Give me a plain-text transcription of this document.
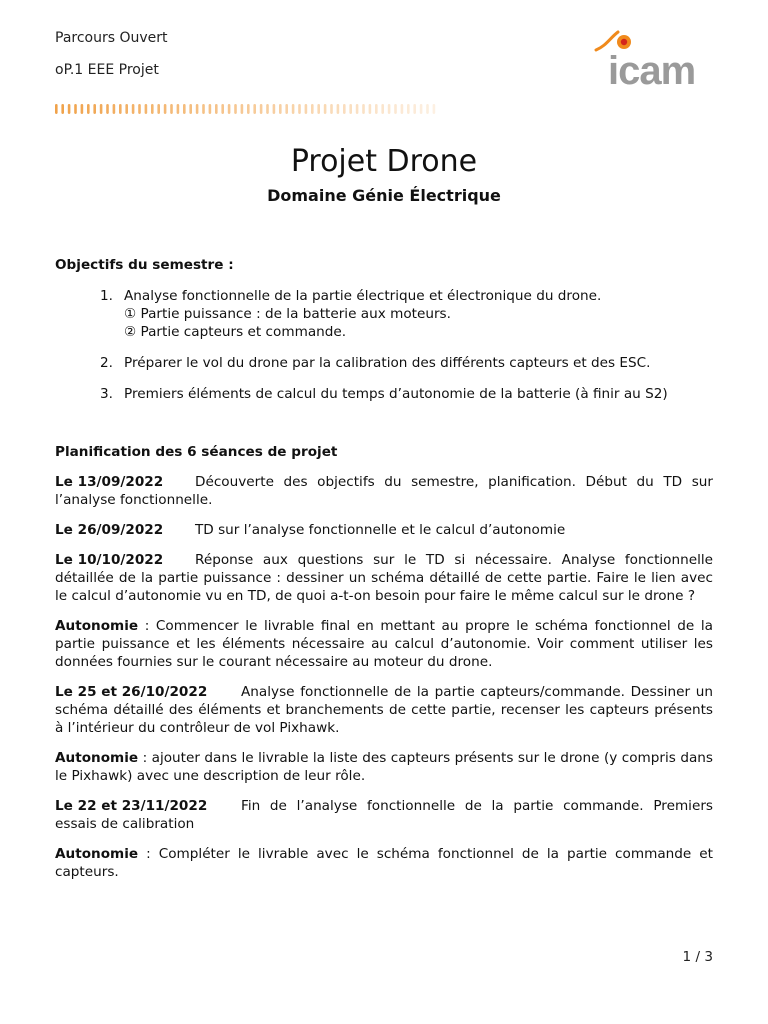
Parcours Ouvert
oP.1 EEE Projet	icam
Projet Drone
Domaine Génie Électrique

Objectifs du semestre :

1. Analyse fonctionnelle de la partie électrique et électronique du drone.
① Partie puissance : de la batterie aux moteurs.
② Partie capteurs et commande.
2. Préparer le vol du drone par la calibration des différents capteurs et des ESC.
3. Premiers éléments de calcul du temps d’autonomie de la batterie (à finir au S2)

Planification des 6 séances de projet

Le 13/09/2022 Découverte des objectifs du semestre, planification. Début du TD sur l’analyse fonctionnelle.

Le 26/09/2022 TD sur l’analyse fonctionnelle et le calcul d’autonomie

Le 10/10/2022 Réponse aux questions sur le TD si nécessaire. Analyse fonctionnelle détaillée de la partie puissance : dessiner un schéma détaillé de cette partie. Faire le lien avec le calcul d’autonomie vu en TD, de quoi a-t-on besoin pour faire le même calcul sur le drone ?

Autonomie : Commencer le livrable final en mettant au propre le schéma fonctionnel de la partie puissance et les éléments nécessaire au calcul d’autonomie. Voir comment utiliser les données fournies sur le courant nécessaire au moteur du drone.

Le 25 et 26/10/2022 Analyse fonctionnelle de la partie capteurs/commande. Dessiner un schéma détaillé des éléments et branchements de cette partie, recenser les capteurs présents à l’intérieur du contrôleur de vol Pixhawk.

Autonomie : ajouter dans le livrable la liste des capteurs présents sur le drone (y compris dans le Pixhawk) avec une description de leur rôle.

Le 22 et 23/11/2022 Fin de l’analyse fonctionnelle de la partie commande. Premiers essais de calibration

Autonomie : Compléter le livrable avec le schéma fonctionnel de la partie commande et capteurs.

1 / 3
